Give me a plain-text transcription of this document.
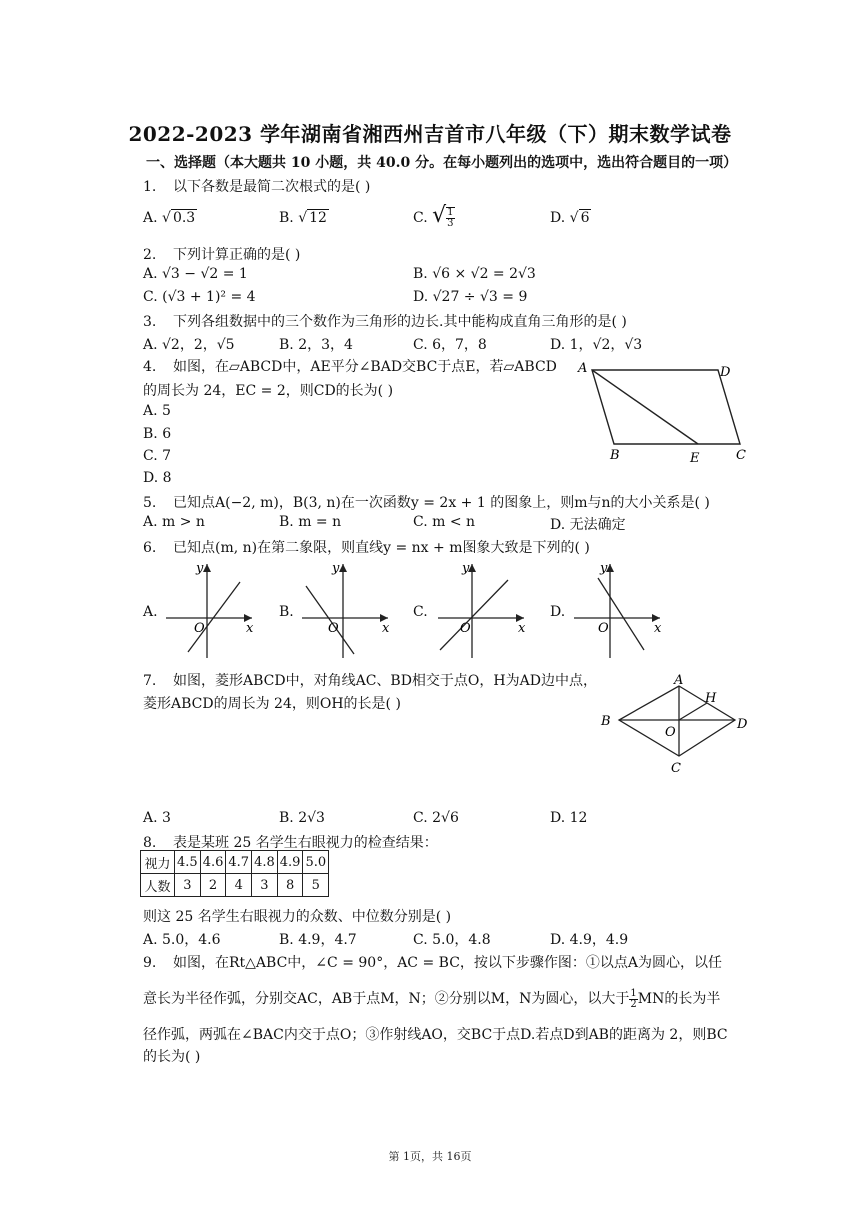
2022-2023 学年湖南省湘西州吉首市八年级（下）期末数学试卷
一、选择题（本大题共 10 小题，共 40.0 分。在每小题列出的选项中，选出符合题目的一项）
1. 以下各数是最简二次根式的是( )
A. √ 0.3	B. √ 12	C. √ $\frac{1}{3}$	D. √ 6
2. 下列计算正确的是( )
A. √3 − √2 = 1	B. √6 × √2 = 2√3
C. (√3 + 1)² = 4	D. √27 ÷ √3 = 9
3. 下列各组数据中的三个数作为三角形的边长.其中能构成直角三角形的是( )
A. √2，2，√5	B. 2，3，4	C. 6，7，8	D. 1，√2，√3
4. 如图，在▱ABCD中，AE平分∠BAD交BC于点E，若▱ABCD
的周长为 24，EC = 2，则CD的长为( )
A. 5
B. 6
C. 7
D. 8
A	D
B	E	C
5. 已知点A(−2, m)，B(3, n)在一次函数y = 2x + 1 的图象上，则m与n的大小关系是( )
A. m > n	B. m = n	C. m < n	D. 无法确定
6. 已知点(m, n)在第二象限，则直线y = nx + m图象大致是下列的( )
A.
y
x
O
B.
y
x
O
C.
y
x
O
D.
y
x
O
7. 如图，菱形ABCD中，对角线AC、BD相交于点O，H为AD边中点，
菱形ABCD的周长为 24，则OH的长是( )
A
H
B	D
O
C
A. 3	B. 2√3	C. 2√6	D. 12
8. 表是某班 25 名学生右眼视力的检查结果：
视力	4.5	4.6	4.7	4.8	4.9	5.0
人数	3	2	4	3	8	5
则这 25 名学生右眼视力的众数、中位数分别是( )
A. 5.0，4.6	B. 4.9，4.7	C. 5.0，4.8	D. 4.9，4.9
9. 如图，在Rt△ABC中，∠C = 90°，AC = BC，按以下步骤作图：①以点A为圆心，以任
意长为半径作弧，分别交AC，AB于点M，N；②分别以M，N为圆心，以大于 $\frac{1}{2}$ MN的长为半
径作弧，两弧在∠BAC内交于点O；③作射线AO，交BC于点D.若点D到AB的距离为 2，则BC
的长为( )
第 1页，共 16页
